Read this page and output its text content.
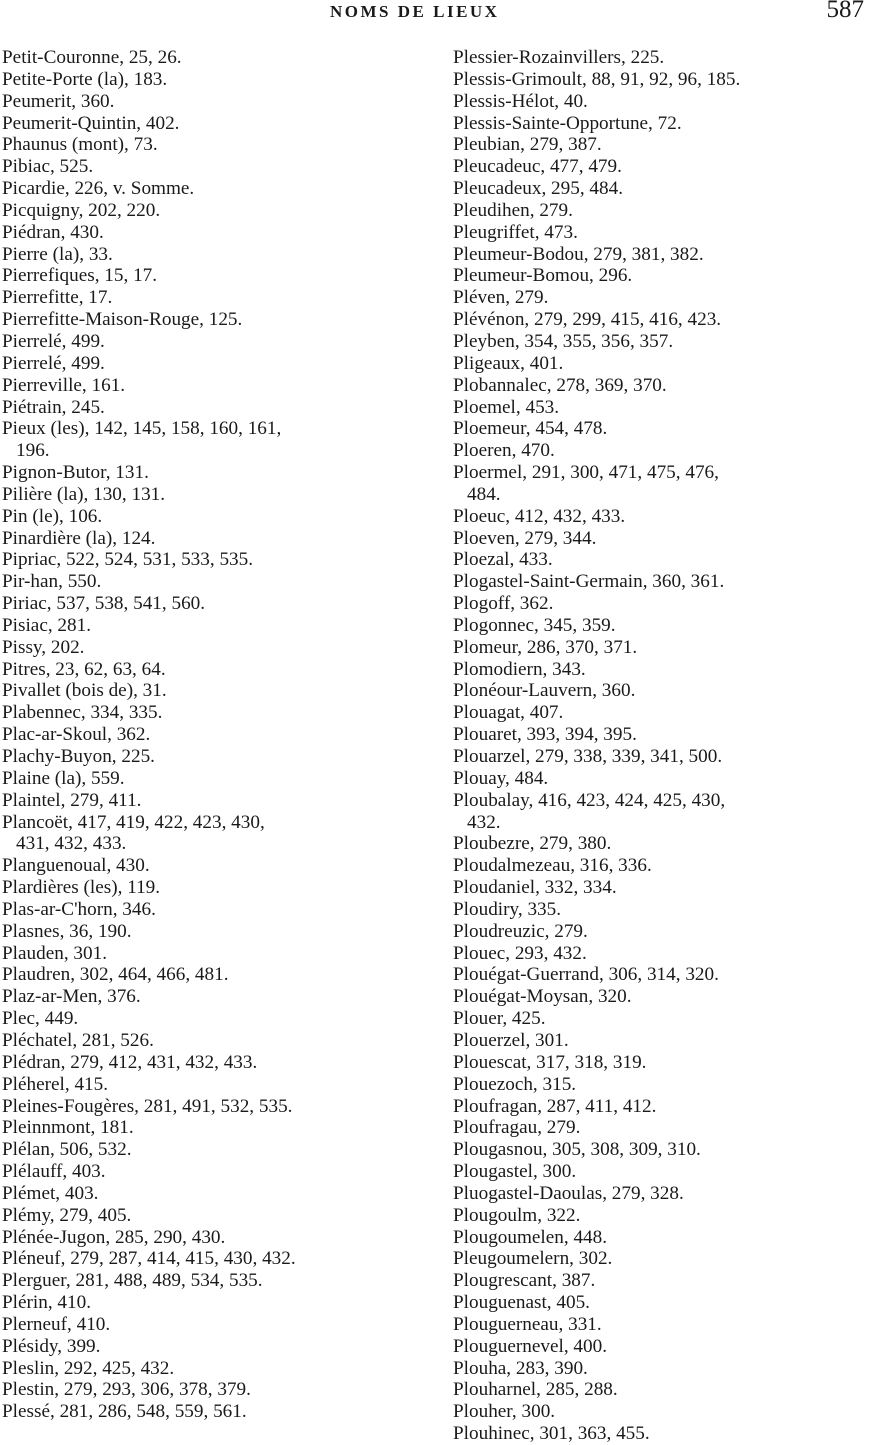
NOMS DE LIEUX	587
Petit-Couronne, 25, 26.
Petite-Porte (la), 183.
Peumerit, 360.
Peumerit-Quintin, 402.
Phaunus (mont), 73.
Pibiac, 525.
Picardie, 226, v. Somme.
Picquigny, 202, 220.
Piédran, 430.
Pierre (la), 33.
Pierrefiques, 15, 17.
Pierrefitte, 17.
Pierrefitte-Maison-Rouge, 125.
Pierrelé, 499.
Pierrelé, 499.
Pierreville, 161.
Piétrain, 245.
Pieux (les), 142, 145, 158, 160, 161,
196.
Pignon-Butor, 131.
Pilière (la), 130, 131.
Pin (le), 106.
Pinardière (la), 124.
Pipriac, 522, 524, 531, 533, 535.
Pir-han, 550.
Piriac, 537, 538, 541, 560.
Pisiac, 281.
Pissy, 202.
Pitres, 23, 62, 63, 64.
Pivallet (bois de), 31.
Plabennec, 334, 335.
Plac-ar-Skoul, 362.
Plachy-Buyon, 225.
Plaine (la), 559.
Plaintel, 279, 411.
Plancoët, 417, 419, 422, 423, 430,
431, 432, 433.
Planguenoual, 430.
Plardières (les), 119.
Plas-ar-C'horn, 346.
Plasnes, 36, 190.
Plauden, 301.
Plaudren, 302, 464, 466, 481.
Plaz-ar-Men, 376.
Plec, 449.
Pléchatel, 281, 526.
Plédran, 279, 412, 431, 432, 433.
Pléherel, 415.
Pleines-Fougères, 281, 491, 532, 535.
Pleinnmont, 181.
Plélan, 506, 532.
Plélauff, 403.
Plémet, 403.
Plémy, 279, 405.
Plénée-Jugon, 285, 290, 430.
Pléneuf, 279, 287, 414, 415, 430, 432.
Plerguer, 281, 488, 489, 534, 535.
Plérin, 410.
Plerneuf, 410.
Plésidy, 399.
Pleslin, 292, 425, 432.
Plestin, 279, 293, 306, 378, 379.
Plessé, 281, 286, 548, 559, 561.
Plessier-Rozainvillers, 225.
Plessis-Grimoult, 88, 91, 92, 96, 185.
Plessis-Hélot, 40.
Plessis-Sainte-Opportune, 72.
Pleubian, 279, 387.
Pleucadeuc, 477, 479.
Pleucadeux, 295, 484.
Pleudihen, 279.
Pleugriffet, 473.
Pleumeur-Bodou, 279, 381, 382.
Pleumeur-Bomou, 296.
Pléven, 279.
Plévénon, 279, 299, 415, 416, 423.
Pleyben, 354, 355, 356, 357.
Pligeaux, 401.
Plobannalec, 278, 369, 370.
Ploemel, 453.
Ploemeur, 454, 478.
Ploeren, 470.
Ploermel, 291, 300, 471, 475, 476,
484.
Ploeuc, 412, 432, 433.
Ploeven, 279, 344.
Ploezal, 433.
Plogastel-Saint-Germain, 360, 361.
Plogoff, 362.
Plogonnec, 345, 359.
Plomeur, 286, 370, 371.
Plomodiern, 343.
Plonéour-Lauvern, 360.
Plouagat, 407.
Plouaret, 393, 394, 395.
Plouarzel, 279, 338, 339, 341, 500.
Plouay, 484.
Ploubalay, 416, 423, 424, 425, 430,
432.
Ploubezre, 279, 380.
Ploudalmezeau, 316, 336.
Ploudaniel, 332, 334.
Ploudiry, 335.
Ploudreuzic, 279.
Plouec, 293, 432.
Plouégat-Guerrand, 306, 314, 320.
Plouégat-Moysan, 320.
Plouer, 425.
Plouerzel, 301.
Plouescat, 317, 318, 319.
Plouezoch, 315.
Ploufragan, 287, 411, 412.
Ploufragau, 279.
Plougasnou, 305, 308, 309, 310.
Plougastel, 300.
Pluogastel-Daoulas, 279, 328.
Plougoulm, 322.
Plougoumelen, 448.
Pleugoumelern, 302.
Plougrescant, 387.
Plouguenast, 405.
Plouguerneau, 331.
Plouguernevel, 400.
Plouha, 283, 390.
Plouharnel, 285, 288.
Plouher, 300.
Plouhinec, 301, 363, 455.
